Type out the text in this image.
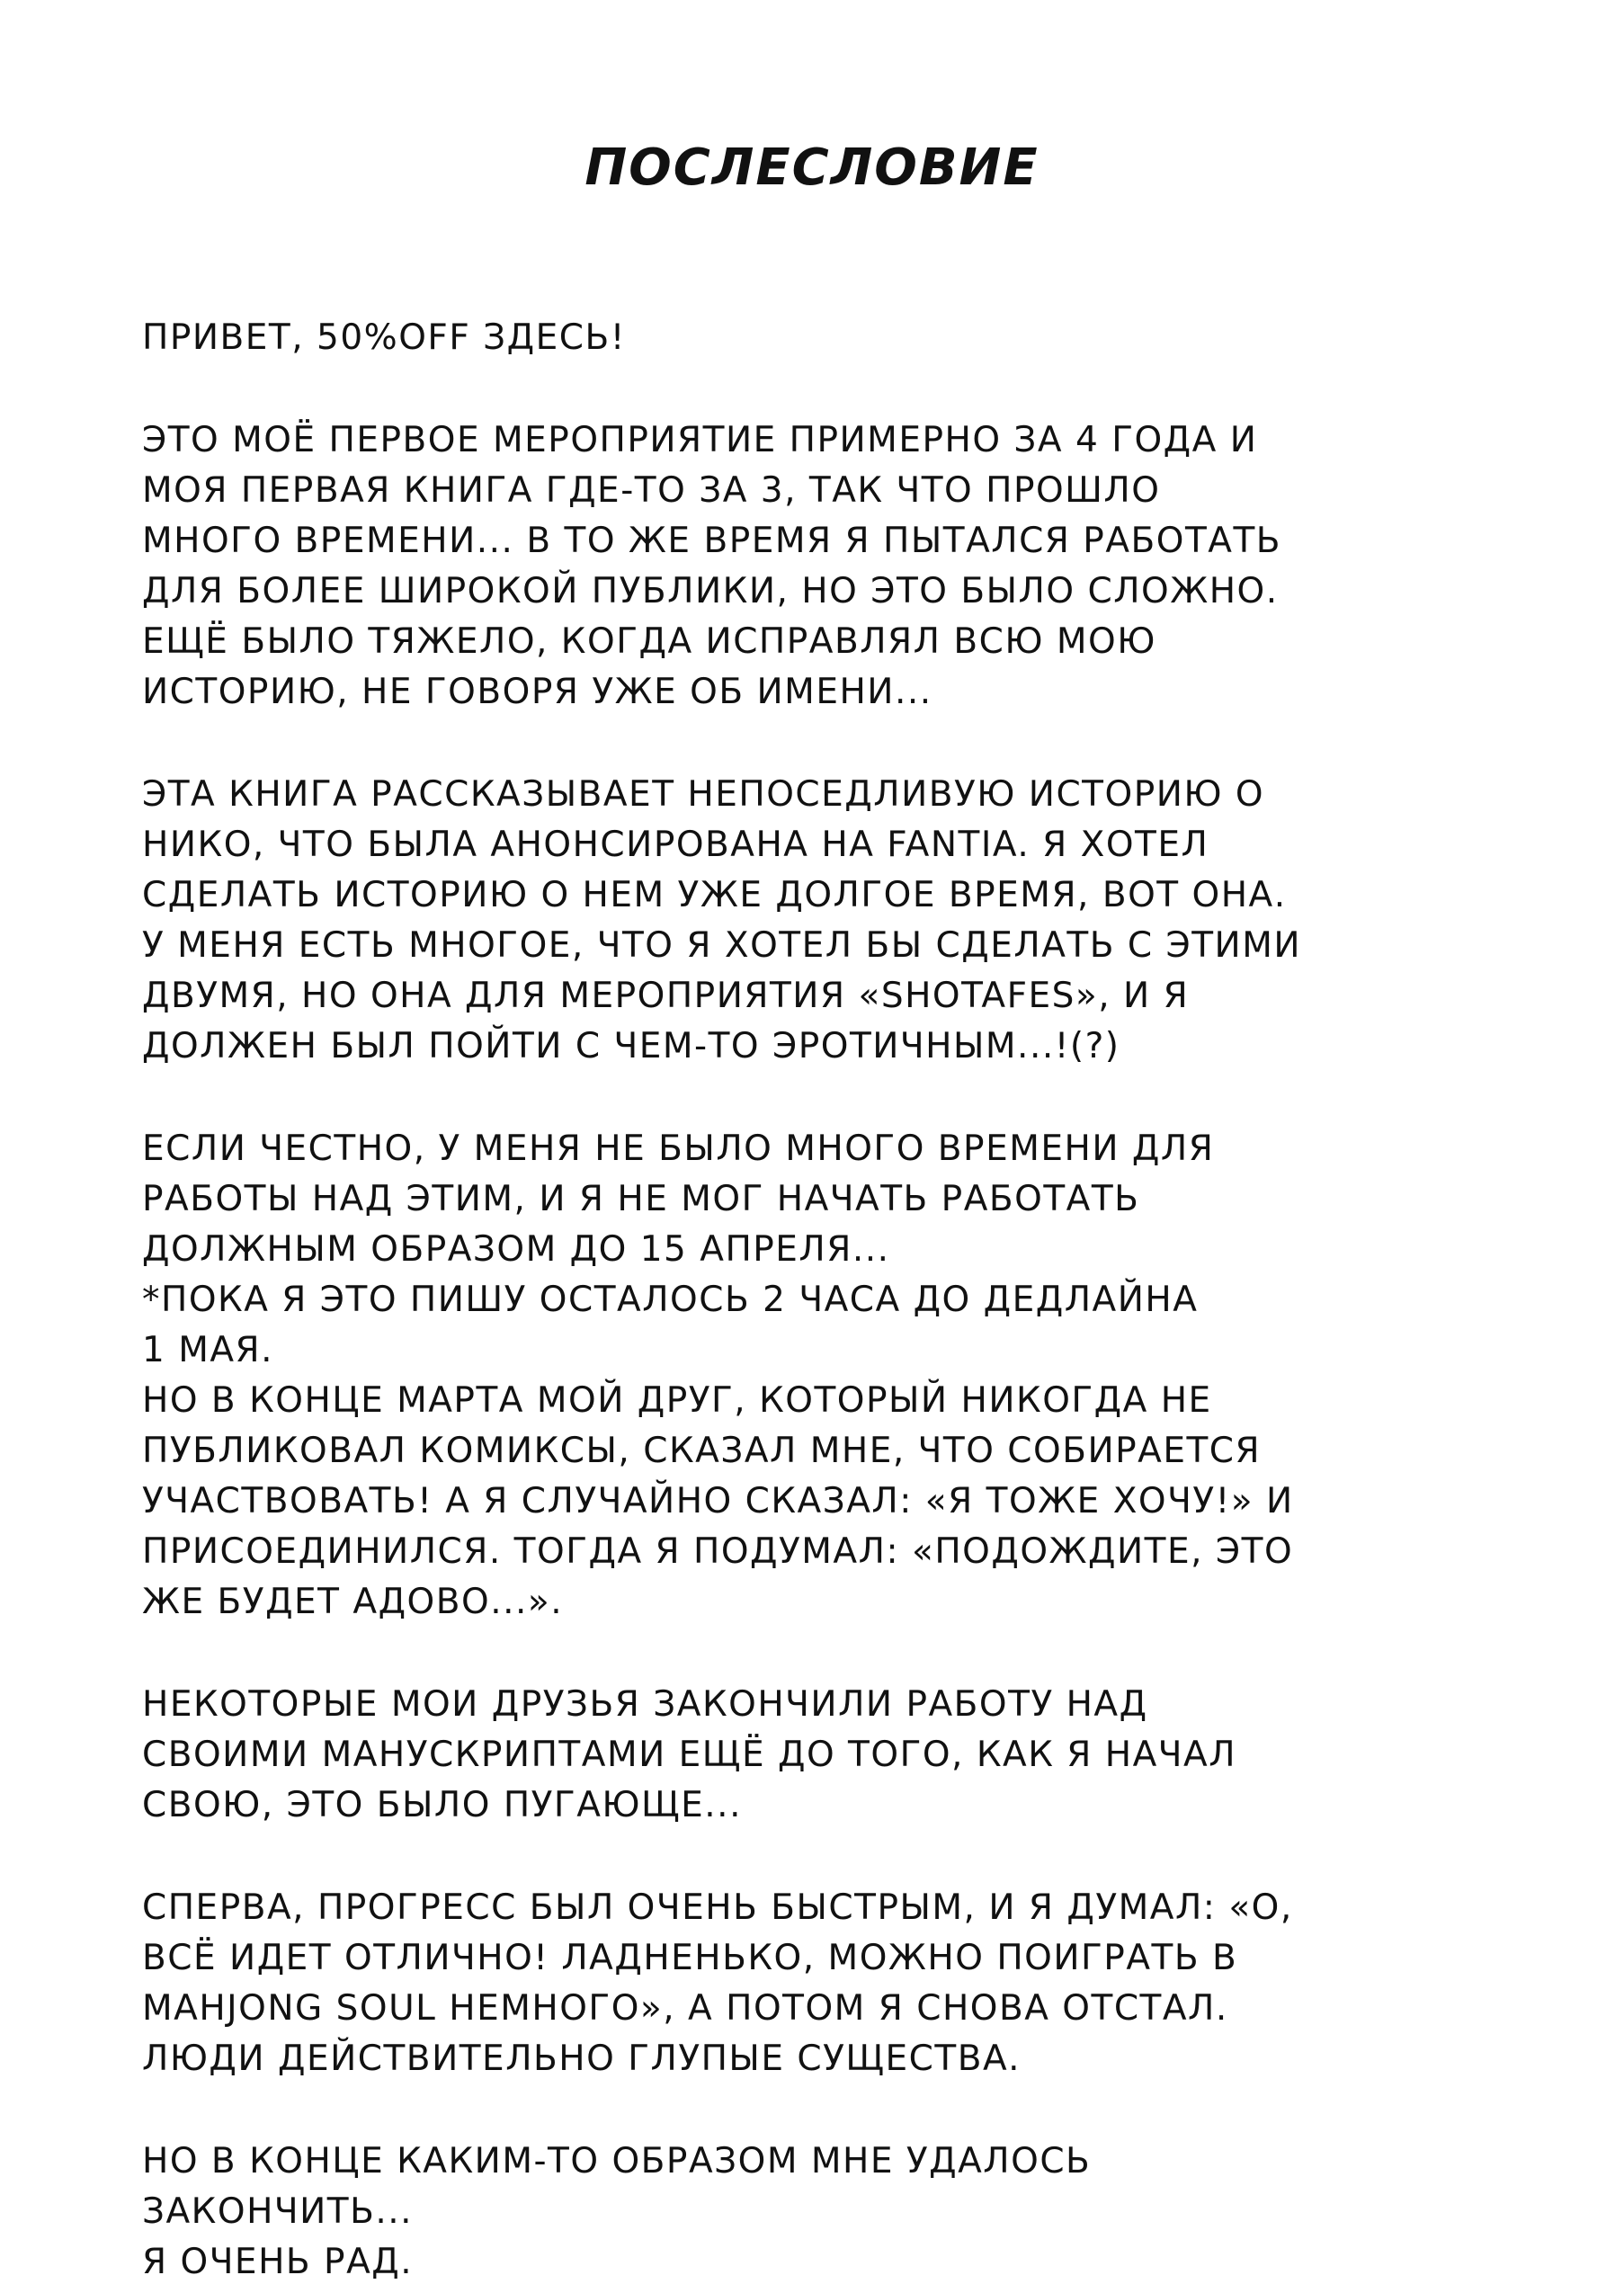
ПОСЛЕСЛОВИЕ

ПРИВЕТ, 50%OFF ЗДЕСЬ!

ЭТО МОЁ ПЕРВОЕ МЕРОПРИЯТИЕ ПРИМЕРНО ЗА 4 ГОДА И
МОЯ ПЕРВАЯ КНИГА ГДЕ-ТО ЗА 3, ТАК ЧТО ПРОШЛО
МНОГО ВРЕМЕНИ... В ТО ЖЕ ВРЕМЯ Я ПЫТАЛСЯ РАБОТАТЬ
ДЛЯ БОЛЕЕ ШИРОКОЙ ПУБЛИКИ, НО ЭТО БЫЛО СЛОЖНО.
ЕЩЁ БЫЛО ТЯЖЕЛО, КОГДА ИСПРАВЛЯЛ ВСЮ МОЮ
ИСТОРИЮ, НЕ ГОВОРЯ УЖЕ ОБ ИМЕНИ...

ЭТА КНИГА РАССКАЗЫВАЕТ НЕПОСЕДЛИВУЮ ИСТОРИЮ О
НИКО, ЧТО БЫЛА АНОНСИРОВАНА НА FANTIA. Я ХОТЕЛ
СДЕЛАТЬ ИСТОРИЮ О НЕМ УЖЕ ДОЛГОЕ ВРЕМЯ, ВОТ ОНА.
У МЕНЯ ЕСТЬ МНОГОЕ, ЧТО Я ХОТЕЛ БЫ СДЕЛАТЬ С ЭТИМИ
ДВУМЯ, НО ОНА ДЛЯ МЕРОПРИЯТИЯ «SHOTAFES», И Я
ДОЛЖЕН БЫЛ ПОЙТИ С ЧЕМ-ТО ЭРОТИЧНЫМ...!(?)

ЕСЛИ ЧЕСТНО, У МЕНЯ НЕ БЫЛО МНОГО ВРЕМЕНИ ДЛЯ
РАБОТЫ НАД ЭТИМ, И Я НЕ МОГ НАЧАТЬ РАБОТАТЬ
ДОЛЖНЫМ ОБРАЗОМ ДО 15 АПРЕЛЯ...
*ПОКА Я ЭТО ПИШУ ОСТАЛОСЬ 2 ЧАСА ДО ДЕДЛАЙНА
1 МАЯ.
НО В КОНЦЕ МАРТА МОЙ ДРУГ, КОТОРЫЙ НИКОГДА НЕ
ПУБЛИКОВАЛ КОМИКСЫ, СКАЗАЛ МНЕ, ЧТО СОБИРАЕТСЯ
УЧАСТВОВАТЬ! А Я СЛУЧАЙНО СКАЗАЛ: «Я ТОЖЕ ХОЧУ!» И
ПРИСОЕДИНИЛСЯ. ТОГДА Я ПОДУМАЛ: «ПОДОЖДИТЕ, ЭТО
ЖЕ БУДЕТ АДОВО...».

НЕКОТОРЫЕ МОИ ДРУЗЬЯ ЗАКОНЧИЛИ РАБОТУ НАД
СВОИМИ МАНУСКРИПТАМИ ЕЩЁ ДО ТОГО, КАК Я НАЧАЛ
СВОЮ, ЭТО БЫЛО ПУГАЮЩЕ...

СПЕРВА, ПРОГРЕСС БЫЛ ОЧЕНЬ БЫСТРЫМ, И Я ДУМАЛ: «О,
ВСЁ ИДЕТ ОТЛИЧНО! ЛАДНЕНЬКО, МОЖНО ПОИГРАТЬ В
MAHJONG SOUL НЕМНОГО», А ПОТОМ Я СНОВА ОТСТАЛ.
ЛЮДИ ДЕЙСТВИТЕЛЬНО ГЛУПЫЕ СУЩЕСТВА.

НО В КОНЦЕ КАКИМ-ТО ОБРАЗОМ МНЕ УДАЛОСЬ
ЗАКОНЧИТЬ...
Я ОЧЕНЬ РАД.
